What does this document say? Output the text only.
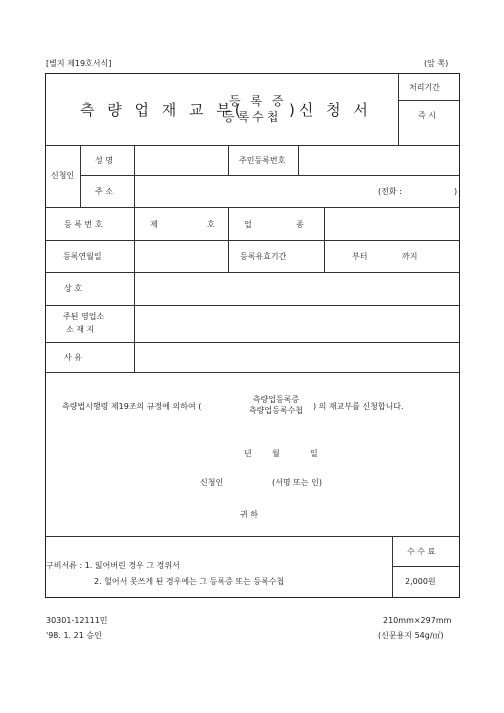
[별지 제19호서식]	(앞 쪽)
측 량 업 재 교 부(
등 록 증
등록수첩 )신 청 서
처리기간
즉 시
신청인
성 명	주민등록번호
주 소	(전화 :	)
등 록 번 호	제	호	업	종
등록연월일	등록유효기간	부터	까지
상 호
주된 영업소
소 재 지
사 유
측량법시행령 제19조의 규정에 의하여 (
측량업등록증
측량업등록수첩	) 의 재교부를 신청합니다.
년	월	일
신청인	(서명 또는 인)
귀 하
구비서류 : 1. 잃어버린 경우 그 경위서
2. 헐어서 못쓰게 된 경우에는 그 등록증 또는 등록수첩
수 수 료
2,000원
30301-12111민
'98. 1. 21 승인
210mm×297mm
(신문용지 54g/㎡)
